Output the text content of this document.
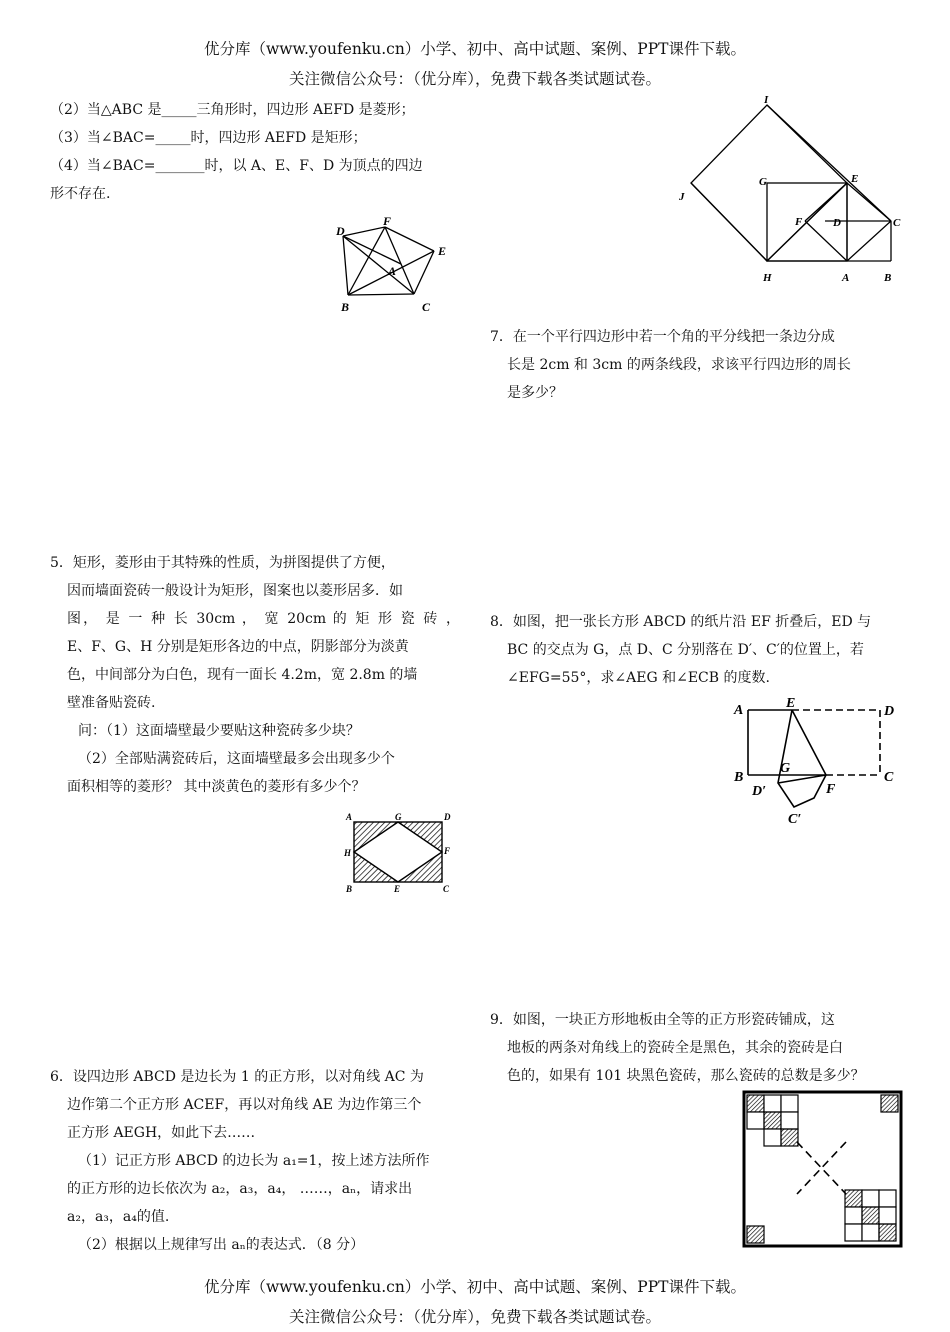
优分库（www.youfenku.cn）小学、初中、高中试题、案例、PPT课件下载。
关注微信公众号：（优分库），免费下载各类试题试卷。
（2）当△ABC 是_____三角形时，四边形 AEFD 是菱形；
（3）当∠BAC=_____时，四边形 AEFD 是矩形；
（4）当∠BAC=_______时，以 A、E、F、D 为顶点的四边
形不存在.
D
F
E
A
B	C
I
J
G	E
F	D	C
H	A	B
7．在一个平行四边形中若一个角的平分线把一条边分成
长是 2cm 和 3cm 的两条线段，求该平行四边形的周长
是多少？
5．矩形，菱形由于其特殊的性质，为拼图提供了方便，
因而墙面瓷砖一般设计为矩形，图案也以菱形居多．如
图， 是 一 种 长 30cm ， 宽 20cm 的 矩 形 瓷 砖 ，
E、F、G、H 分别是矩形各边的中点，阴影部分为淡黄
色，中间部分为白色，现有一面长 4.2m，宽 2.8m 的墙
壁准备贴瓷砖.
问：（1）这面墙壁最少要贴这种瓷砖多少块？
（2）全部贴满瓷砖后，这面墙壁最多会出现多少个
面积相等的菱形？ 其中淡黄色的菱形有多少个？
A	G	D
H	F
B	E	C
8．如图，把一张长方形 ABCD 的纸片沿 EF 折叠后，ED 与
BC 的交点为 G，点 D、C 分别落在 D′、C′的位置上，若
∠EFG=55°，求∠AEG 和∠ECB 的度数.
A	E
D
B
G
C
D′	F
C′
9．如图，一块正方形地板由全等的正方形瓷砖铺成，这
地板的两条对角线上的瓷砖全是黑色，其余的瓷砖是白
色的，如果有 101 块黑色瓷砖，那么瓷砖的总数是多少？
6．设四边形 ABCD 是边长为 1 的正方形，以对角线 AC 为
边作第二个正方形 ACEF，再以对角线 AE 为边作第三个
正方形 AEGH，如此下去……
（1）记正方形 ABCD 的边长为 a₁=1，按上述方法所作
的正方形的边长依次为 a₂，a₃，a₄， ……，aₙ，请求出
a₂，a₃，a₄的值.
（2）根据以上规律写出 aₙ的表达式．（8 分）
优分库（www.youfenku.cn）小学、初中、高中试题、案例、PPT课件下载。
关注微信公众号：（优分库），免费下载各类试题试卷。
